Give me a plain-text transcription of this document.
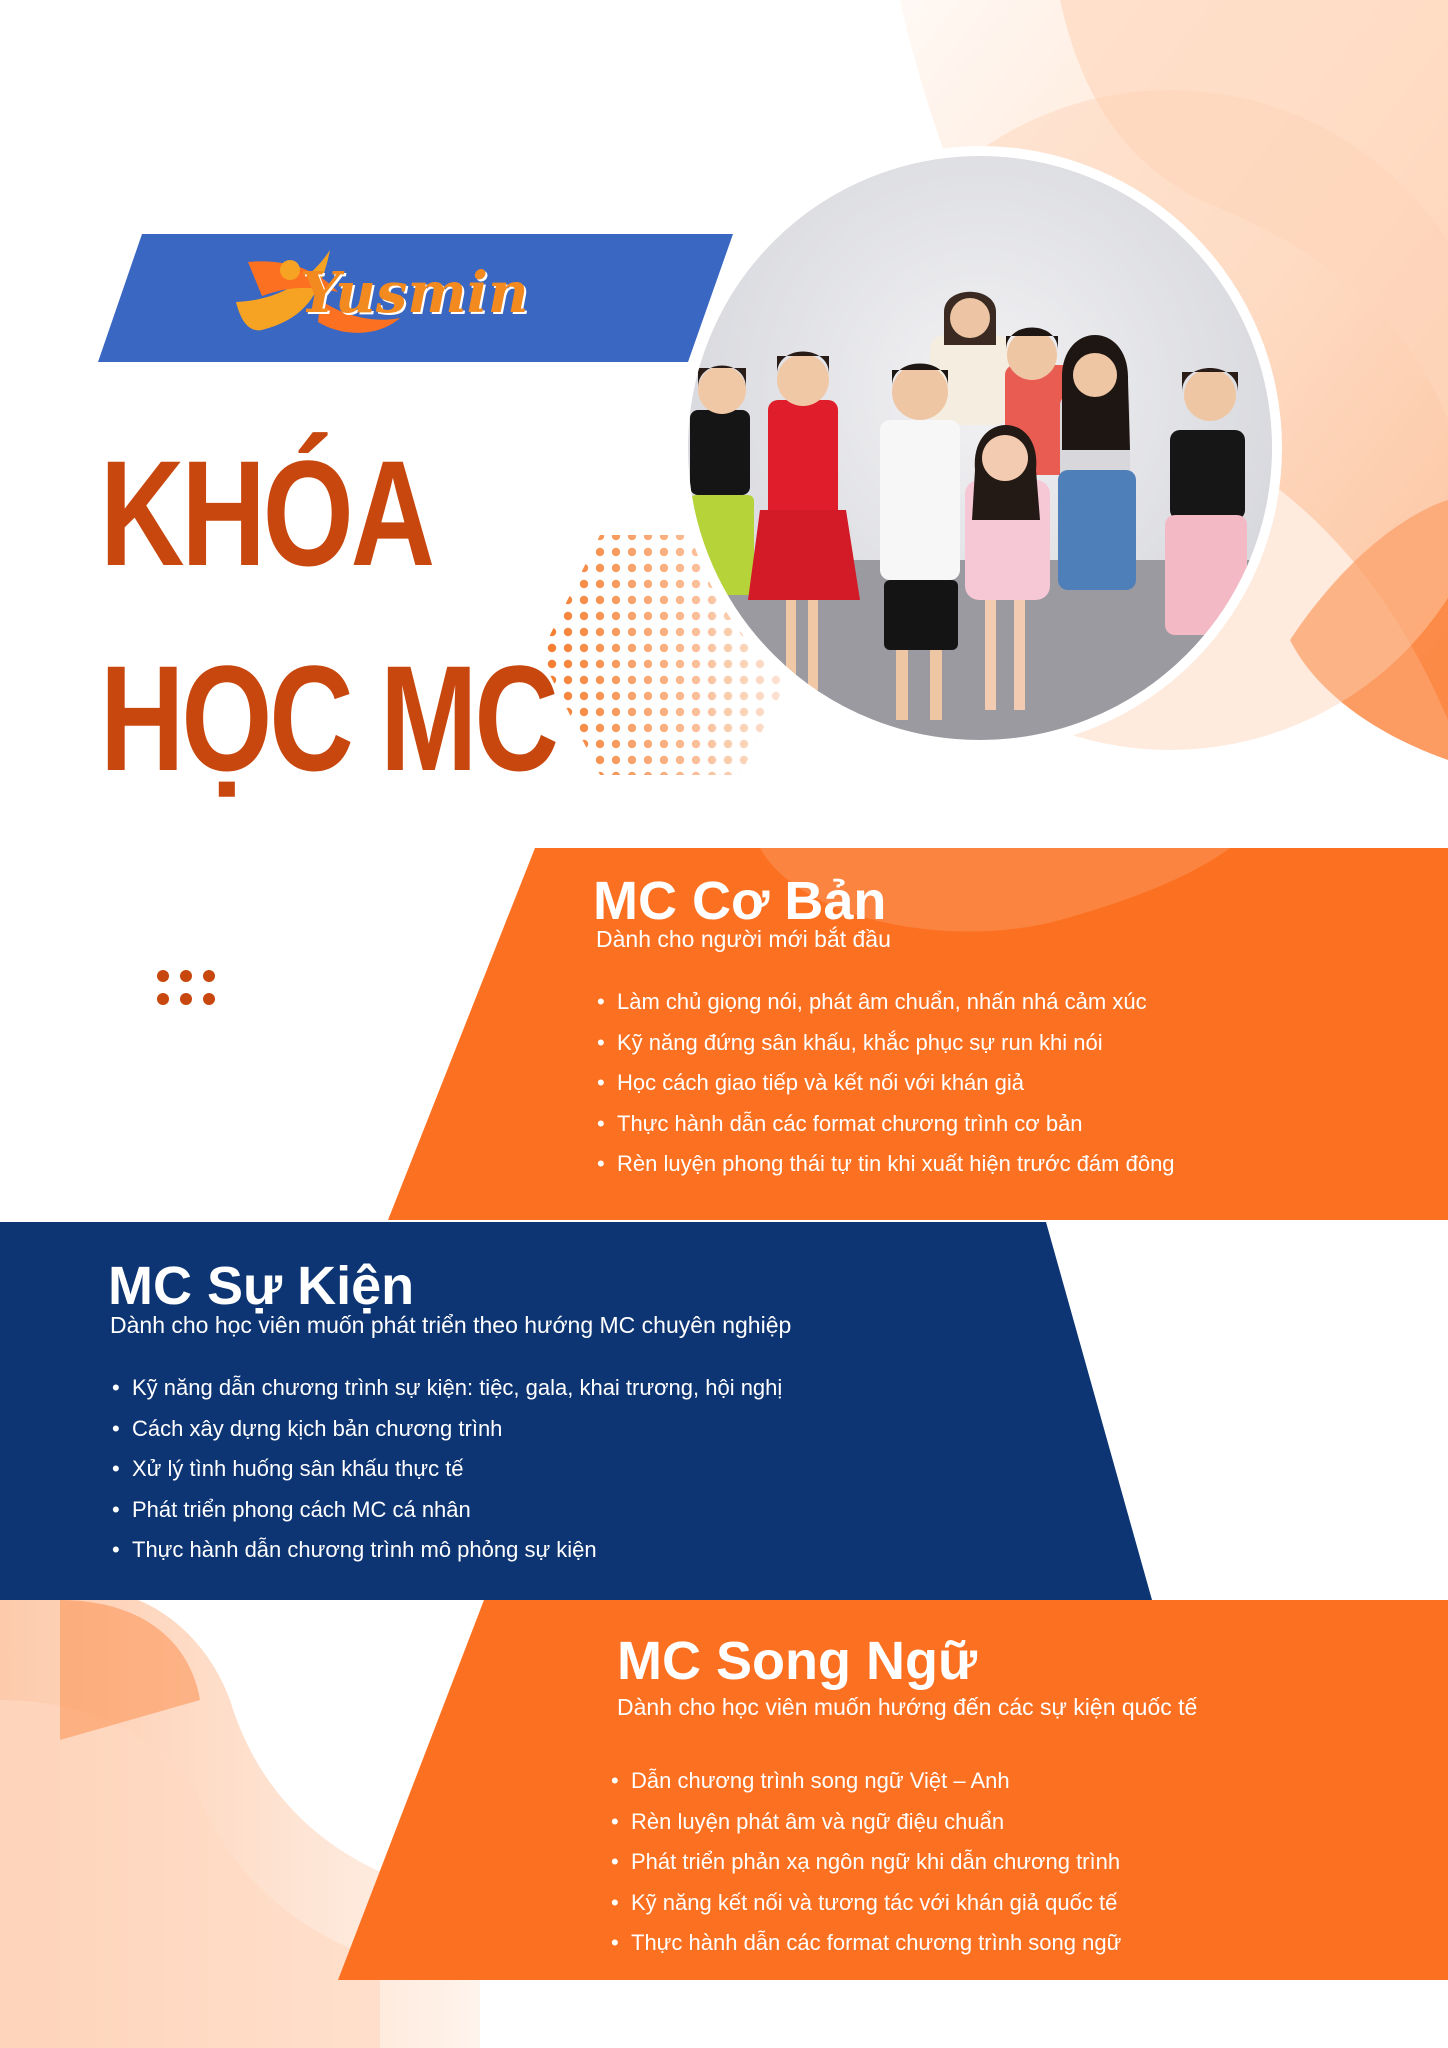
Yusmin
KHÓA
HỌC MC
MC Cơ Bản
Dành cho người mới bắt đầu
• Làm chủ giọng nói, phát âm chuẩn, nhấn nhá cảm xúc
• Kỹ năng đứng sân khấu, khắc phục sự run khi nói
• Học cách giao tiếp và kết nối với khán giả
• Thực hành dẫn các format chương trình cơ bản
• Rèn luyện phong thái tự tin khi xuất hiện trước đám đông
MC Sự Kiện
Dành cho học viên muốn phát triển theo hướng MC chuyên nghiệp
• Kỹ năng dẫn chương trình sự kiện: tiệc, gala, khai trương, hội nghị
• Cách xây dựng kịch bản chương trình
• Xử lý tình huống sân khấu thực tế
• Phát triển phong cách MC cá nhân
• Thực hành dẫn chương trình mô phỏng sự kiện
MC Song Ngữ
Dành cho học viên muốn hướng đến các sự kiện quốc tế
• Dẫn chương trình song ngữ Việt – Anh
• Rèn luyện phát âm và ngữ điệu chuẩn
• Phát triển phản xạ ngôn ngữ khi dẫn chương trình
• Kỹ năng kết nối và tương tác với khán giả quốc tế
• Thực hành dẫn các format chương trình song ngữ
